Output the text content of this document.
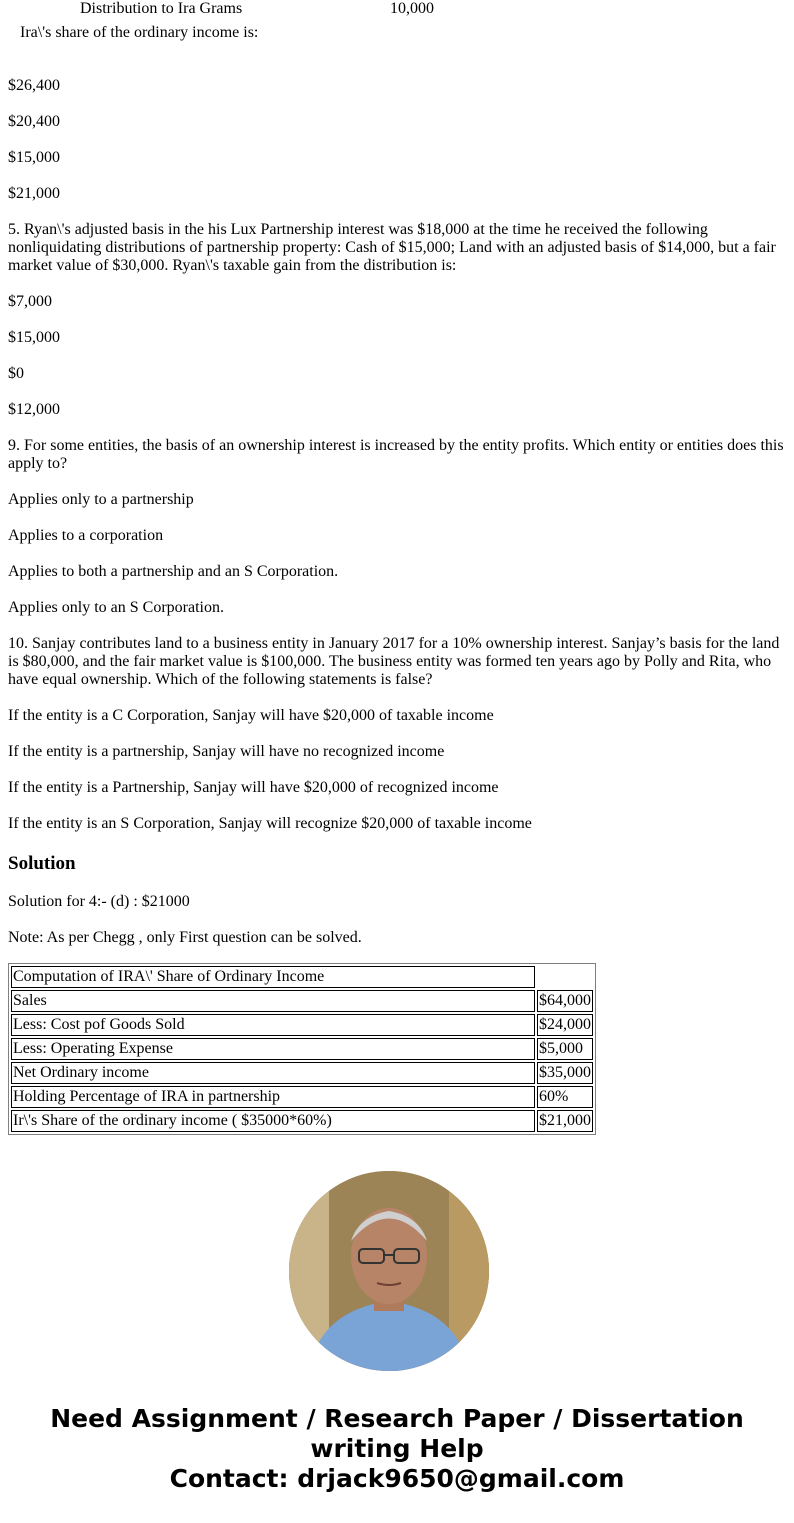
Distribution to Ira Grams	10,000

Ira\'s share of the ordinary income is:

$26,400

$20,400

$15,000

$21,000

5. Ryan\'s adjusted basis in the his Lux Partnership interest was $18,000 at the time he received the following nonliquidating distributions of partnership property: Cash of $15,000; Land with an adjusted basis of $14,000, but a fair market value of $30,000. Ryan\'s taxable gain from the distribution is:

$7,000

$15,000

$0

$12,000

9. For some entities, the basis of an ownership interest is increased by the entity profits. Which entity or entities does this apply to?

Applies only to a partnership

Applies to a corporation

Applies to both a partnership and an S Corporation.

Applies only to an S Corporation.

10. Sanjay contributes land to a business entity in January 2017 for a 10% ownership interest. Sanjay’s basis for the land is $80,000, and the fair market value is $100,000. The business entity was formed ten years ago by Polly and Rita, who have equal ownership. Which of the following statements is false?

If the entity is a C Corporation, Sanjay will have $20,000 of taxable income

If the entity is a partnership, Sanjay will have no recognized income

If the entity is a Partnership, Sanjay will have $20,000 of recognized income

If the entity is an S Corporation, Sanjay will recognize $20,000 of taxable income

Solution

Solution for 4:- (d) : $21000

Note: As per Chegg , only First question can be solved.

Computation of IRA\' Share of Ordinary Income	
Sales	$64,000
Less: Cost pof Goods Sold	$24,000
Less: Operating Expense	$5,000
Net Ordinary income	$35,000
Holding Percentage of IRA in partnership	60%
Ir\'s Share of the ordinary income ( $35000*60%)	$21,000
Need Assignment / Research Paper / Dissertation
writing Help
Contact: drjack9650@gmail.com
